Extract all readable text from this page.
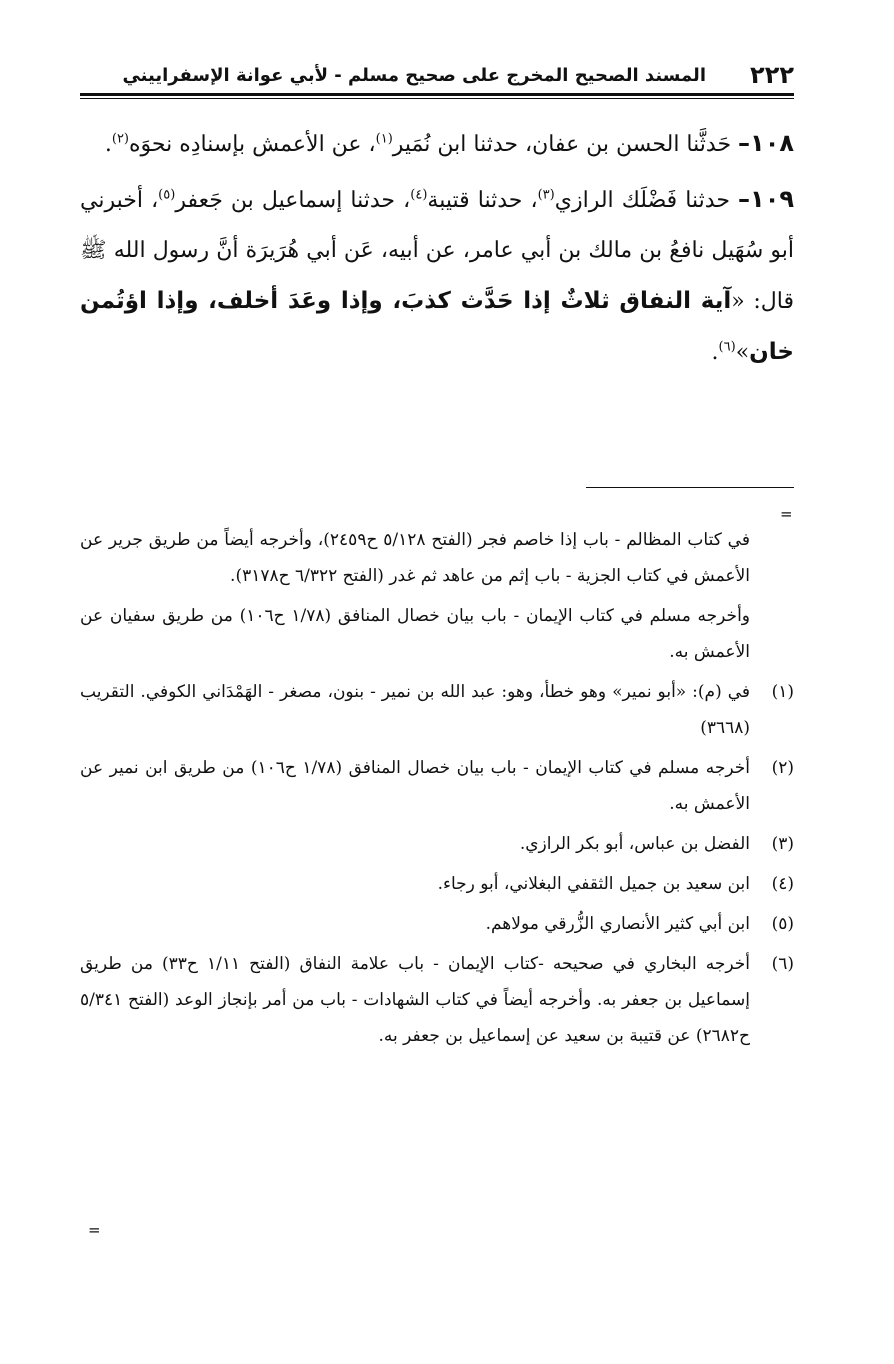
٢٢٢
المسند الصحيح المخرج على صحيح مسلم - لأبي عوانة الإسفراييني

١٠٨– حَدثَّنا الحسن بن عفان، حدثنا ابن نُمَير$^{(١)}$، عن الأعمش بإسنادِه نحوَه$^{(٢)}$.

١٠٩– حدثنا فَضْلَك الرازي$^{(٣)}$، حدثنا قتيبة$^{(٤)}$، حدثنا إسماعيل بن جَعفر$^{(٥)}$، أخبرني أبو سُهَيل نافعُ بن مالك بن أبي عامر، عن أبيه، عَن أبي هُرَيرَة أنَّ رسول الله ﷺ قال: «آية النفاق ثلاثٌ إذا حَدَّث كذبَ، وإذا وعَدَ أخلف، وإذا اؤتُمن خان»$^{(٦)}$.

=

في كتاب المظالم - باب إذا خاصم فجر (الفتح ٥/١٢٨ ح٢٤٥٩)، وأخرجه أيضاً من طريق جرير عن الأعمش في كتاب الجزية - باب إثم من عاهد ثم غدر (الفتح ٦/٣٢٢ ح٣١٧٨).

وأخرجه مسلم في كتاب الإيمان - باب بيان خصال المنافق (١/٧٨ ح١٠٦) من طريق سفيان عن الأعمش به.

(١)في (م): «أبو نمير» وهو خطأ، وهو: عبد الله بن نمير - بنون، مصغر - الهَمْدَاني الكوفي. التقريب (٣٦٦٨)

(٢)أخرجه مسلم في كتاب الإيمان - باب بيان خصال المنافق (١/٧٨ ح١٠٦) من طريق ابن نمير عن الأعمش به.

(٣)الفضل بن عباس، أبو بكر الرازي.

(٤)ابن سعيد بن جميل الثقفي البغلاني، أبو رجاء.

(٥)ابن أبي كثير الأنصاري الزُّرقي مولاهم.

(٦)أخرجه البخاري في صحيحه -كتاب الإيمان - باب علامة النفاق (الفتح ١/١١ ح٣٣) من طريق إسماعيل بن جعفر به. وأخرجه أيضاً في كتاب الشهادات - باب من أمر بإنجاز الوعد (الفتح ٥/٣٤١ ح٢٦٨٢) عن قتيبة بن سعيد عن إسماعيل بن جعفر به.

=
